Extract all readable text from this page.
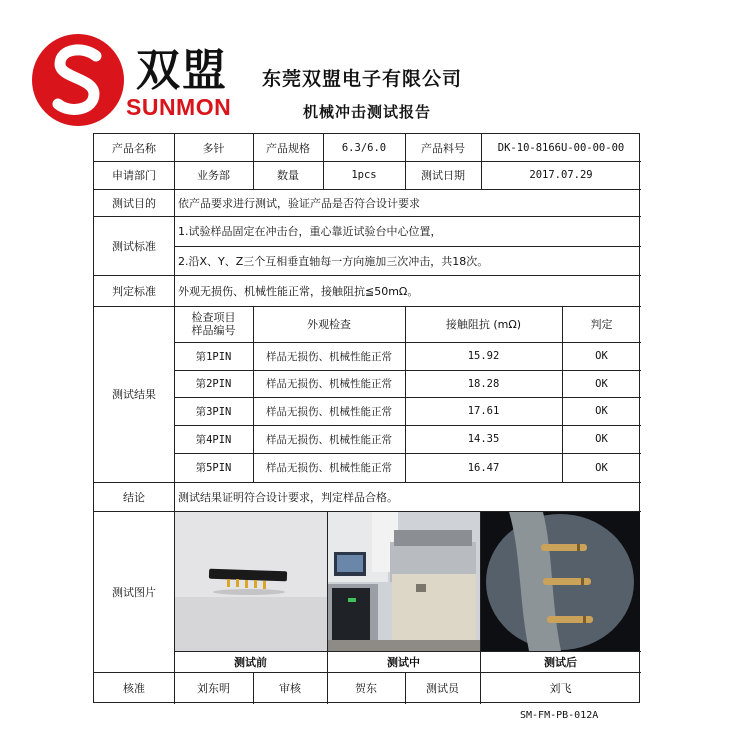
双盟
SUNMON
东莞双盟电子有限公司
机械冲击测试报告
产品名称	多针	产品规格	6.3/6.0	产品料号	DK-10-8166U-00-00-00
申请部门	业务部	数量	1pcs	测试日期	2017.07.29
测试目的	依产品要求进行测试，验证产品是否符合设计要求
测试标准
1.试验样品固定在冲击台，重心靠近试验台中心位置，
2.沿X、Y、Z三个互相垂直轴每一方向施加三次冲击，共18次。
判定标准	外观无损伤、机械性能正常，接触阻抗≦50mΩ。
测试结果
检查项目
样品编号	外观检查	接触阻抗 (mΩ)	判定
第1PIN	样品无损伤、机械性能正常	15.92	OK
第2PIN	样品无损伤、机械性能正常	18.28	OK
第3PIN	样品无损伤、机械性能正常	17.61	OK
第4PIN	样品无损伤、机械性能正常	14.35	OK
第5PIN	样品无损伤、机械性能正常	16.47	OK
结论	测试结果证明符合设计要求，判定样品合格。
测试图片
测试前	测试中	测试后
核准	刘东明	审核	贺东	测试员	刘飞
SM-FM-PB-012A
